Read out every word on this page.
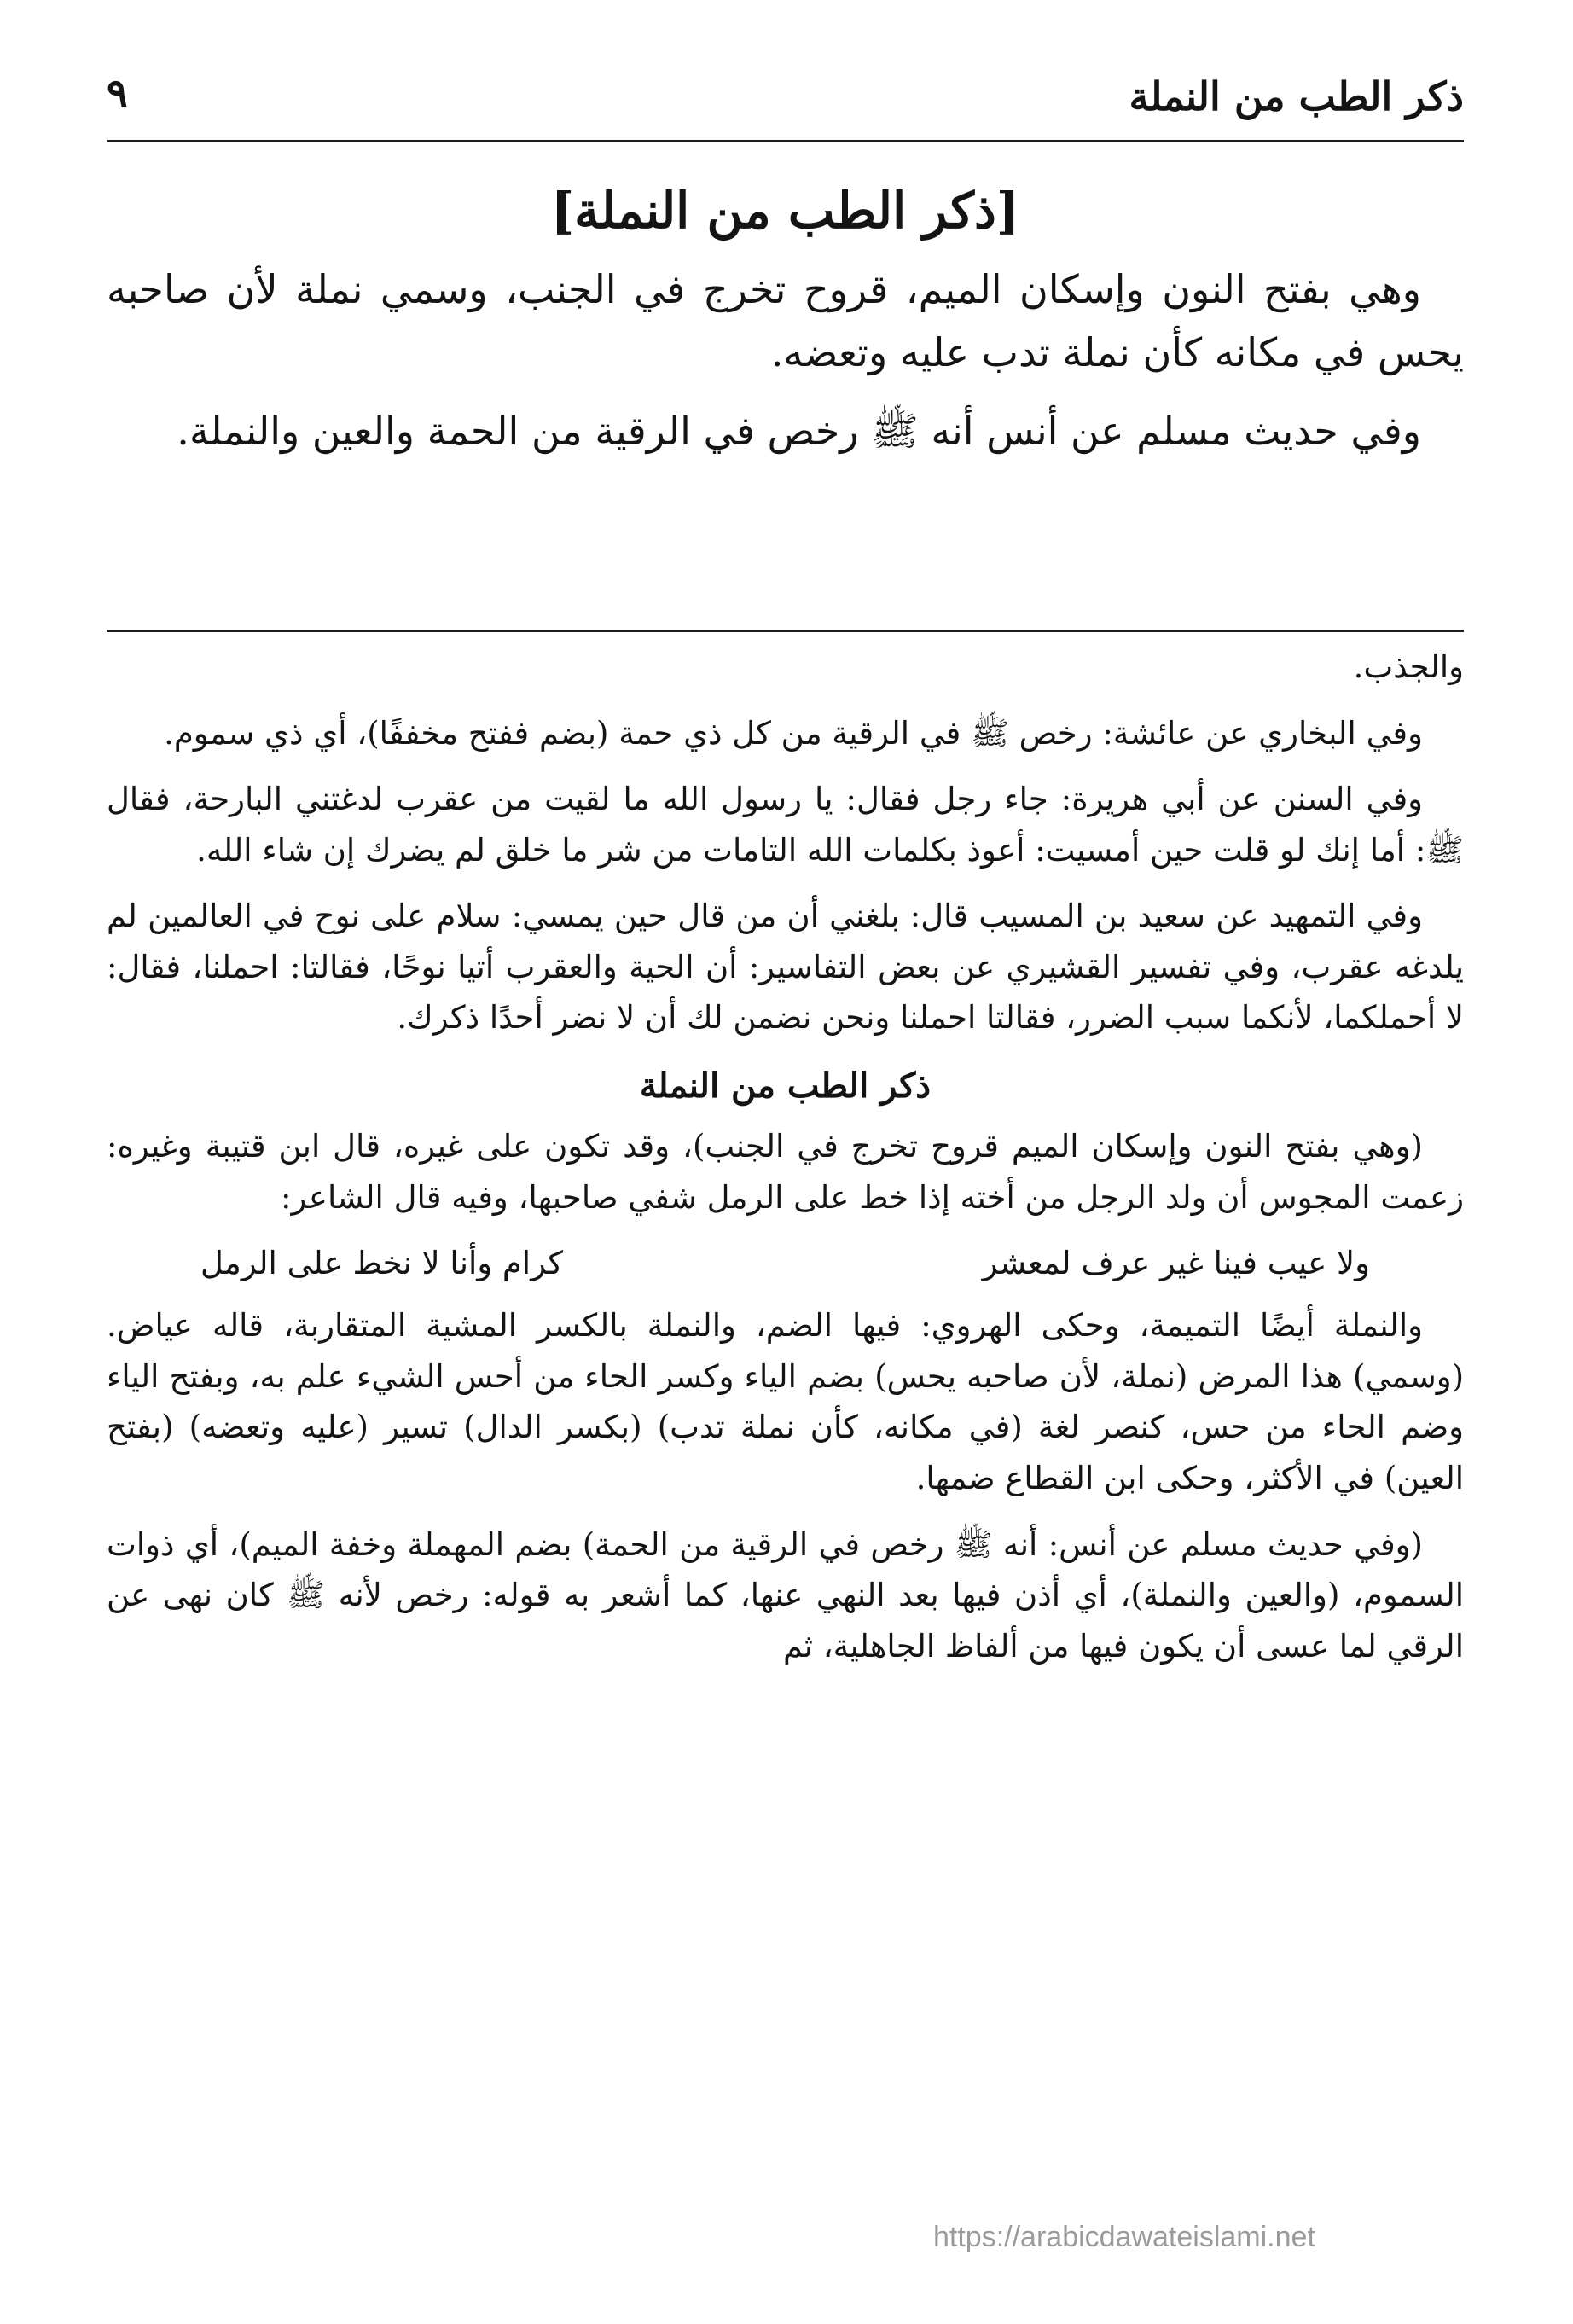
ذكر الطب من النملة
٩
[ذكر الطب من النملة]

وهي بفتح النون وإسكان الميم، قروح تخرج في الجنب، وسمي نملة لأن صاحبه يحس في مكانه كأن نملة تدب عليه وتعضه.

وفي حديث مسلم عن أنس أنه ﷺ رخص في الرقية من الحمة والعين والنملة.

والجذب.

وفي البخاري عن عائشة: رخص ﷺ في الرقية من كل ذي حمة (بضم ففتح مخففًا)، أي ذي سموم.

وفي السنن عن أبي هريرة: جاء رجل فقال: يا رسول الله ما لقيت من عقرب لدغتني البارحة، فقال ﷺ: أما إنك لو قلت حين أمسيت: أعوذ بكلمات الله التامات من شر ما خلق لم يضرك إن شاء الله.

وفي التمهيد عن سعيد بن المسيب قال: بلغني أن من قال حين يمسي: سلام على نوح في العالمين لم يلدغه عقرب، وفي تفسير القشيري عن بعض التفاسير: أن الحية والعقرب أتيا نوحًا، فقالتا: احملنا، فقال: لا أحملكما، لأنكما سبب الضرر، فقالتا احملنا ونحن نضمن لك أن لا نضر أحدًا ذكرك.

ذكر الطب من النملة

(وهي بفتح النون وإسكان الميم قروح تخرج في الجنب)، وقد تكون على غيره، قال ابن قتيبة وغيره: زعمت المجوس أن ولد الرجل من أخته إذا خط على الرمل شفي صاحبها، وفيه قال الشاعر:

ولا عيب فينا غير عرف لمعشر
كرام وأنا لا نخط على الرمل

والنملة أيضًا التميمة، وحكى الهروي: فيها الضم، والنملة بالكسر المشية المتقاربة، قاله عياض. (وسمي) هذا المرض (نملة، لأن صاحبه يحس) بضم الياء وكسر الحاء من أحس الشيء علم به، وبفتح الياء وضم الحاء من حس، كنصر لغة (في مكانه، كأن نملة تدب) (بكسر الدال) تسير (عليه وتعضه) (بفتح العين) في الأكثر، وحكى ابن القطاع ضمها.

(وفي حديث مسلم عن أنس: أنه ﷺ رخص في الرقية من الحمة) بضم المهملة وخفة الميم)، أي ذوات السموم، (والعين والنملة)، أي أذن فيها بعد النهي عنها، كما أشعر به قوله: رخص لأنه ﷺ كان نهى عن الرقي لما عسى أن يكون فيها من ألفاظ الجاهلية، ثم

https://arabicdawateislami.net
